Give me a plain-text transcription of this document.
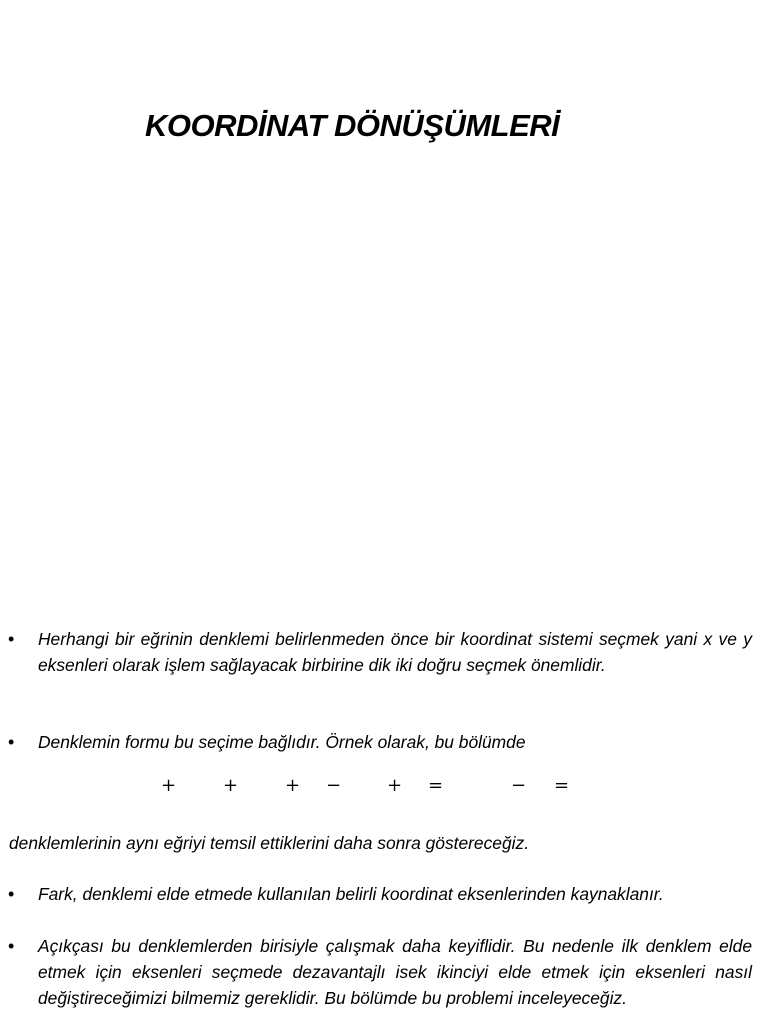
KOORDİNAT DÖNÜŞÜMLERİ
• Herhangi bir eğrinin denklemi belirlenmeden önce bir koordinat sistemi seçmek yani x ve y eksenleri olarak işlem sağlayacak birbirine dik iki doğru seçmek önemlidir.
• Denklemin formu bu seçime bağlıdır. Örnek olarak, bu bölümde
+	+	+ −	+ =	− =
denklemlerinin aynı eğriyi temsil ettiklerini daha sonra göstereceğiz.
• Fark, denklemi elde etmede kullanılan belirli koordinat eksenlerinden kaynaklanır.
• Açıkçası bu denklemlerden birisiyle çalışmak daha keyiflidir. Bu nedenle ilk denklem elde etmek için eksenleri seçmede dezavantajlı isek ikinciyi elde etmek için eksenleri nasıl değiştireceğimizi bilmemiz gereklidir. Bu bölümde bu problemi inceleyeceğiz.
